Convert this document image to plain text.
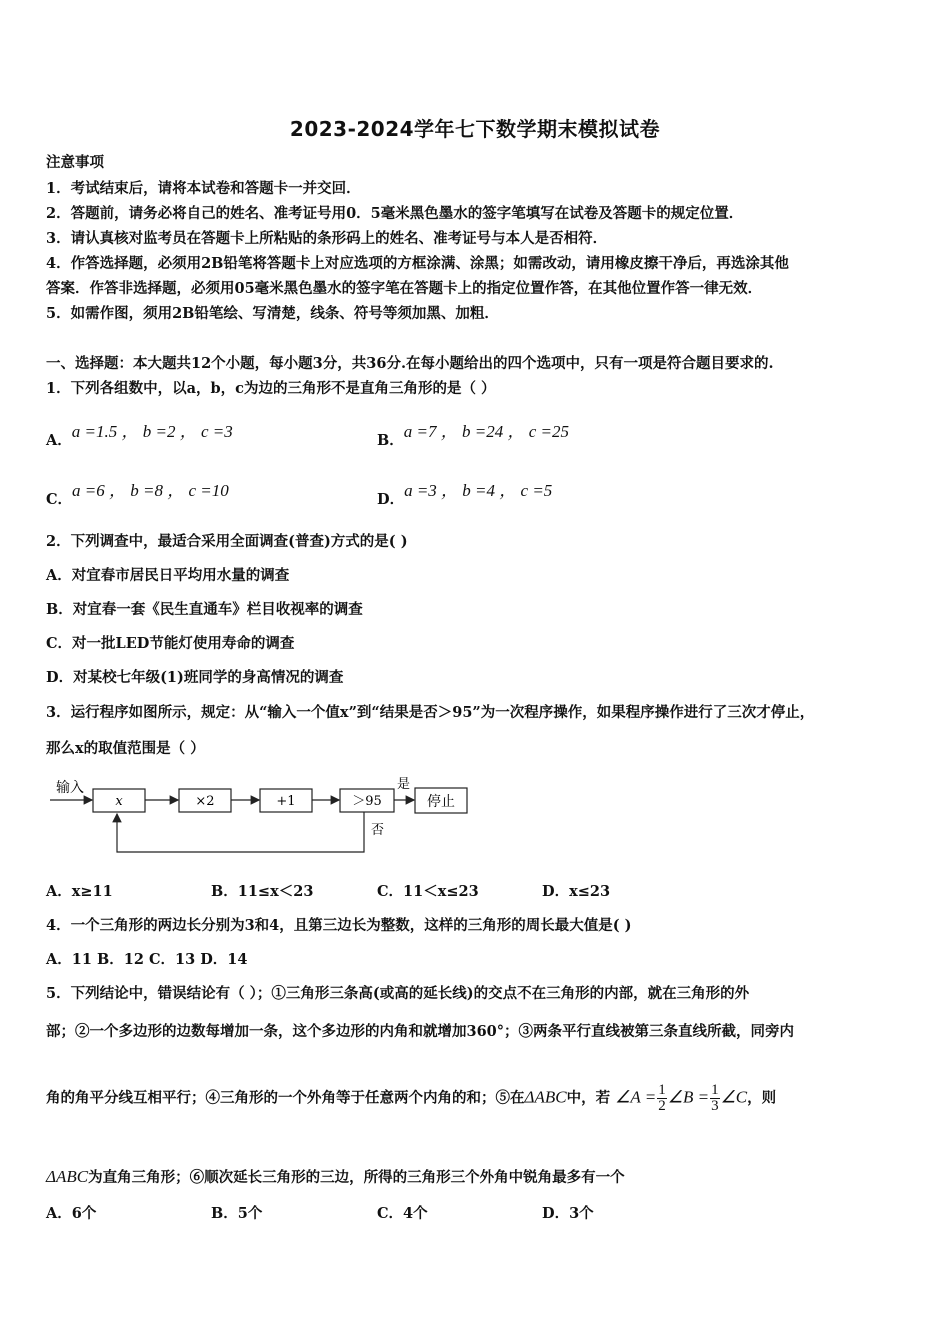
2023-2024学年七下数学期末模拟试卷
注意事项
1．考试结束后，请将本试卷和答题卡一并交回．
2．答题前，请务必将自己的姓名、准考证号用0．5毫米黑色墨水的签字笔填写在试卷及答题卡的规定位置．
3．请认真核对监考员在答题卡上所粘贴的条形码上的姓名、准考证号与本人是否相符．
4．作答选择题，必须用2B铅笔将答题卡上对应选项的方框涂满、涂黑；如需改动，请用橡皮擦干净后，再选涂其他
答案．作答非选择题，必须用05毫米黑色墨水的签字笔在答题卡上的指定位置作答，在其他位置作答一律无效．
5．如需作图，须用2B铅笔绘、写清楚，线条、符号等须加黑、加粗．
一、选择题：本大题共12个小题，每小题3分，共36分.在每小题给出的四个选项中，只有一项是符合题目要求的.
1．下列各组数中，以a，b，c为边的三角形不是直角三角形的是（ ）
A．a =1.5 ， b =2 ， c =3	B．a =7 ， b =24 ， c =25
C．a =6 ， b =8 ， c =10	D．a =3 ， b =4 ， c =5
2．下列调查中，最适合采用全面调查(普查)方式的是( )
A．对宜春市居民日平均用水量的调查
B．对宜春一套《民生直通车》栏目收视率的调查
C．对一批LED节能灯使用寿命的调查
D．对某校七年级(1)班同学的身高情况的调查
3．运行程序如图所示，规定：从“输入一个值x”到“结果是否＞95”为一次程序操作，如果程序操作进行了三次才停止，
那么x的取值范围是（ ）
输入
x	×2	+1	＞95
是
停止
否
A．x≥11	B．11≤x＜23	C．11＜x≤23	D．x≤23
4．一个三角形的两边长分别为3和4，且第三边长为整数，这样的三角形的周长最大值是( )
A．11 B．12 C．13 D．14
5．下列结论中，错误结论有（ ）；①三角形三条高(或高的延长线)的交点不在三角形的内部，就在三角形的外
部；②一个多边形的边数每增加一条，这个多边形的内角和就增加360°；③两条平行直线被第三条直线所截，同旁内
角的角平分线互相平行；④三角形的一个外角等于任意两个内角的和；⑤在ΔABC中，若 ∠A = $\frac{1}{2}$ ∠B = $\frac{1}{3}$ ∠C，则
ΔABC为直角三角形；⑥顺次延长三角形的三边，所得的三角形三个外角中锐角最多有一个
A．6个	B．5个	C．4个	D．3个
